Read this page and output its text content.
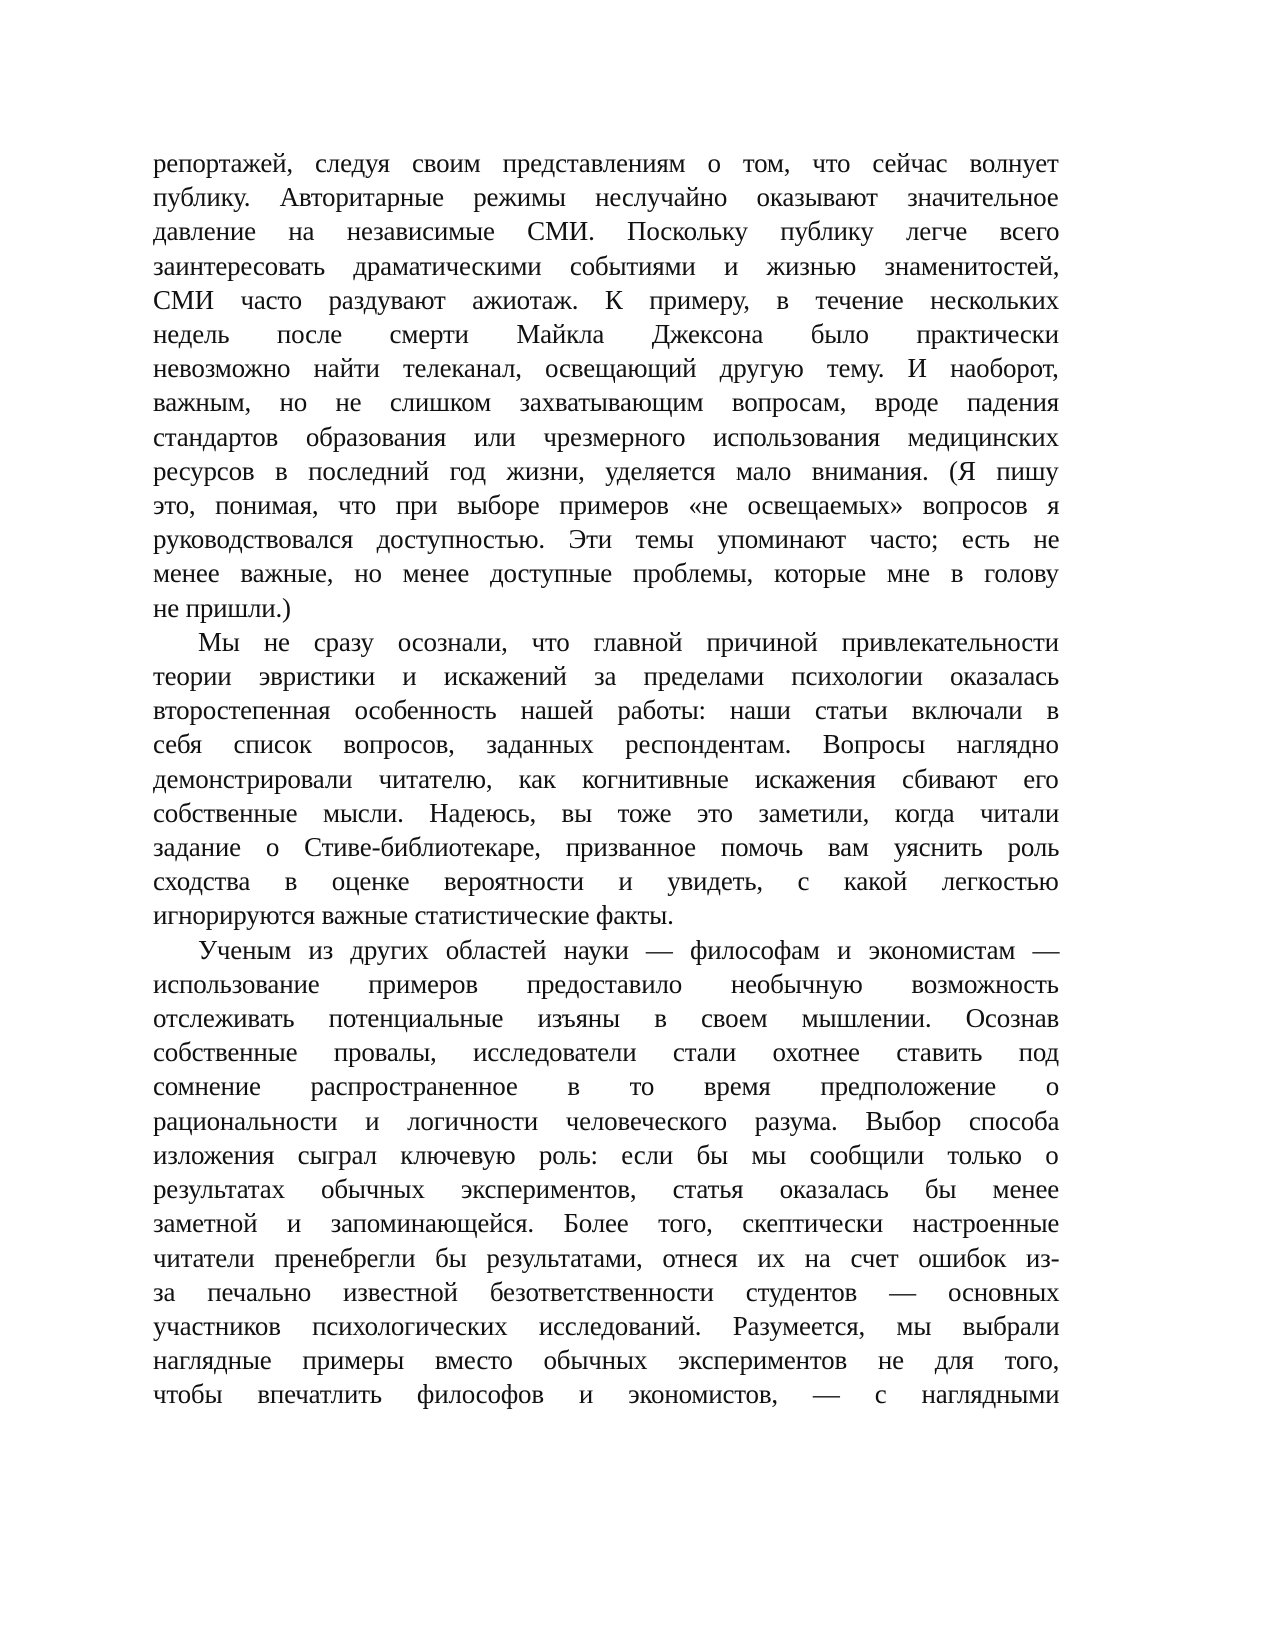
репортажей, следуя своим представлениям о том, что сейчас волнует
публику. Авторитарные режимы неслучайно оказывают значительное
давление на независимые СМИ. Поскольку публику легче всего
заинтересовать драматическими событиями и жизнью знаменитостей,
СМИ часто раздувают ажиотаж. К примеру, в течение нескольких
недель после смерти Майкла Джексона было практически
невозможно найти телеканал, освещающий другую тему. И наоборот,
важным, но не слишком захватывающим вопросам, вроде падения
стандартов образования или чрезмерного использования медицинских
ресурсов в последний год жизни, уделяется мало внимания. (Я пишу
это, понимая, что при выборе примеров «не освещаемых» вопросов я
руководствовался доступностью. Эти темы упоминают часто; есть не
менее важные, но менее доступные проблемы, которые мне в голову
не пришли.)
Мы не сразу осознали, что главной причиной привлекательности
теории эвристики и искажений за пределами психологии оказалась
второстепенная особенность нашей работы: наши статьи включали в
себя список вопросов, заданных респондентам. Вопросы наглядно
демонстрировали читателю, как когнитивные искажения сбивают его
собственные мысли. Надеюсь, вы тоже это заметили, когда читали
задание о Стиве-библиотекаре, призванное помочь вам уяснить роль
сходства в оценке вероятности и увидеть, с какой легкостью
игнорируются важные статистические факты.
Ученым из других областей науки — философам и экономистам —
использование примеров предоставило необычную возможность
отслеживать потенциальные изъяны в своем мышлении. Осознав
собственные провалы, исследователи стали охотнее ставить под
сомнение распространенное в то время предположение о
рациональности и логичности человеческого разума. Выбор способа
изложения сыграл ключевую роль: если бы мы сообщили только о
результатах обычных экспериментов, статья оказалась бы менее
заметной и запоминающейся. Более того, скептически настроенные
читатели пренебрегли бы результатами, отнеся их на счет ошибок из-
за печально известной безответственности студентов — основных
участников психологических исследований. Разумеется, мы выбрали
наглядные примеры вместо обычных экспериментов не для того,
чтобы впечатлить философов и экономистов, — с наглядными
